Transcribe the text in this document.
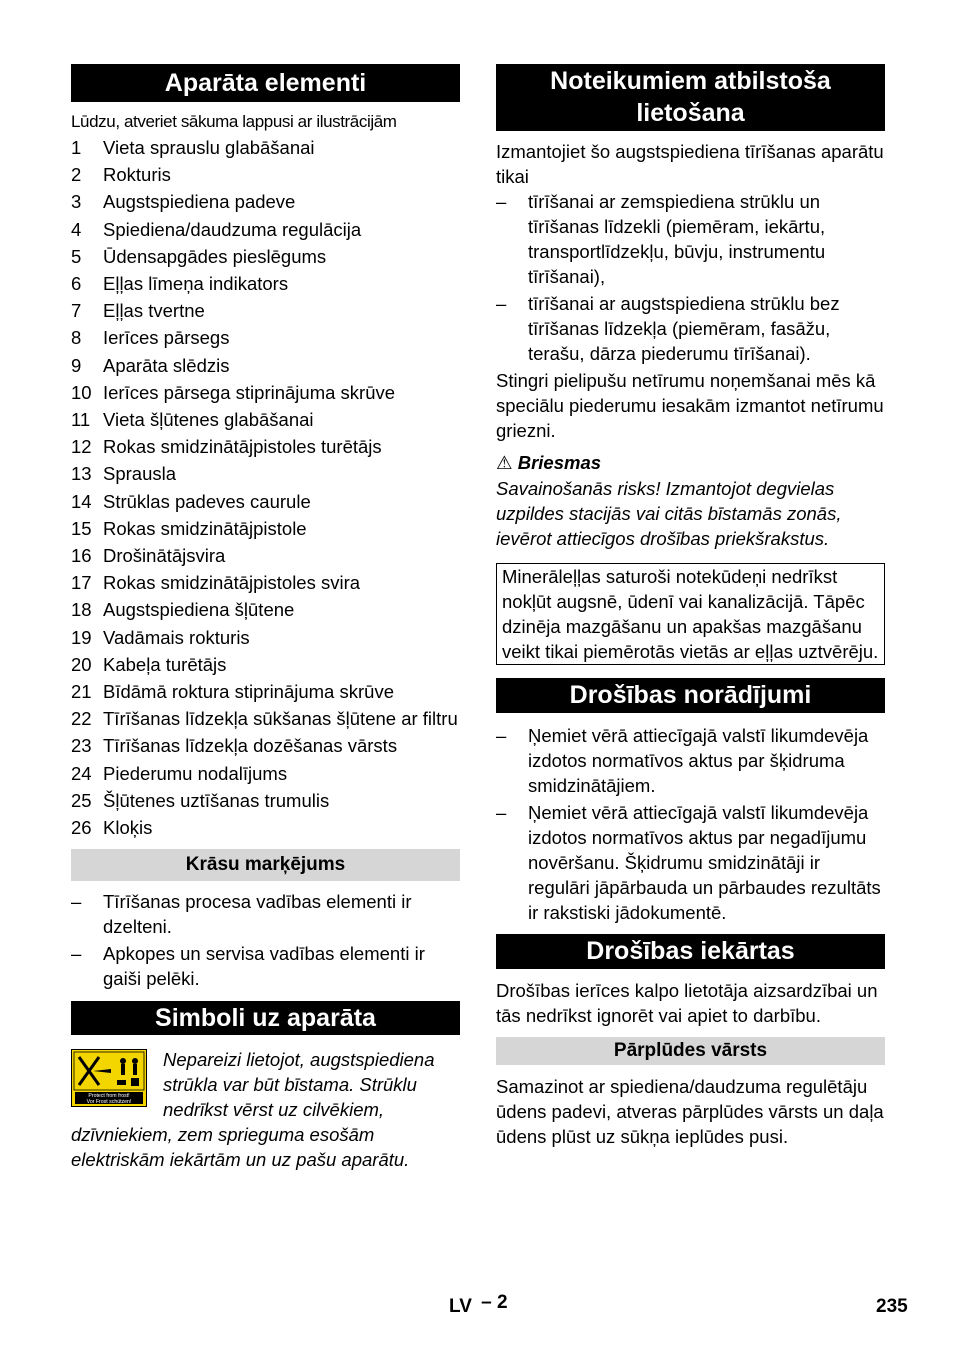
Aparāta elementi
Lūdzu, atveriet sākuma lappusi ar ilustrācijām
1	Vieta sprauslu glabāšanai
2	Rokturis
3	Augstspiediena padeve
4	Spiediena/daudzuma regulācija
5	Ūdensapgādes pieslēgums
6	Eļļas līmeņa indikators
7	Eļļas tvertne
8	Ierīces pārsegs
9	Aparāta slēdzis
10 Ierīces pārsega stiprinājuma skrūve
11 Vieta šļūtenes glabāšanai
12 Rokas smidzinātājpistoles turētājs
13 Sprausla
14 Strūklas padeves caurule
15 Rokas smidzinātājpistole
16 Drošinātājsvira
17 Rokas smidzinātājpistoles svira
18 Augstspiediena šļūtene
19 Vadāmais rokturis
20 Kabeļa turētājs
21 Bīdāmā roktura stiprinājuma skrūve
22 Tīrīšanas līdzekļa sūkšanas šļūtene ar filtru
23 Tīrīšanas līdzekļa dozēšanas vārsts
24 Piederumu nodalījums
25 Šļūtenes uztīšanas trumulis
26 Kloķis
Krāsu marķējums
–	Tīrīšanas procesa vadības elementi ir dzelteni.
–	Apkopes un servisa vadības elementi ir gaiši pelēki.
Simboli uz aparāta
Protect from frost!
Vor Frost schützen!
Nepareizi lietojot, augstspiediena strūkla var būt bīstama. Strūklu nedrīkst vērst uz cilvēkiem, dzīvniekiem, zem sprieguma esošām elektriskām iekārtām un uz pašu aparātu.
Noteikumiem atbilstoša lietošana
Izmantojiet šo augstspiediena tīrīšanas aparātu tikai
–	tīrīšanai ar zemspiediena strūklu un tīrīšanas līdzekli (piemēram, iekārtu, transportlīdzekļu, būvju, instrumentu tīrīšanai),
–	tīrīšanai ar augstspiediena strūklu bez tīrīšanas līdzekļa (piemēram, fasāžu, terašu, dārza piederumu tīrīšanai).
Stingri pielipušu netīrumu noņemšanai mēs kā speciālu piederumu iesakām izmantot netīrumu griezni.
⚠ Briesmas
Savainošanās risks! Izmantojot degvielas uzpildes stacijās vai citās bīstamās zonās, ievērot attiecīgos drošības priekšrakstus.
Minerāleļļas saturoši notekūdeņi nedrīkst nokļūt augsnē, ūdenī vai kanalizācijā. Tāpēc dzinēja mazgāšanu un apakšas mazgāšanu veikt tikai piemērotās vietās ar eļļas uztvērēju.
Drošības norādījumi
–	Ņemiet vērā attiecīgajā valstī likumdevēja izdotos normatīvos aktus par šķidruma smidzinātājiem.
–	Ņemiet vērā attiecīgajā valstī likumdevēja izdotos normatīvos aktus par negadījumu novēršanu. Šķidrumu smidzinātāji ir regulāri jāpārbauda un pārbaudes rezultāts ir rakstiski jādokumentē.
Drošības iekārtas
Drošības ierīces kalpo lietotāja aizsardzībai un tās nedrīkst ignorēt vai apiet to darbību.
Pārplūdes vārsts
Samazinot ar spiediena/daudzuma regulētāju ūdens padevi, atveras pārplūdes vārsts un daļa ūdens plūst uz sūkņa ieplūdes pusi.
LV – 2	235
